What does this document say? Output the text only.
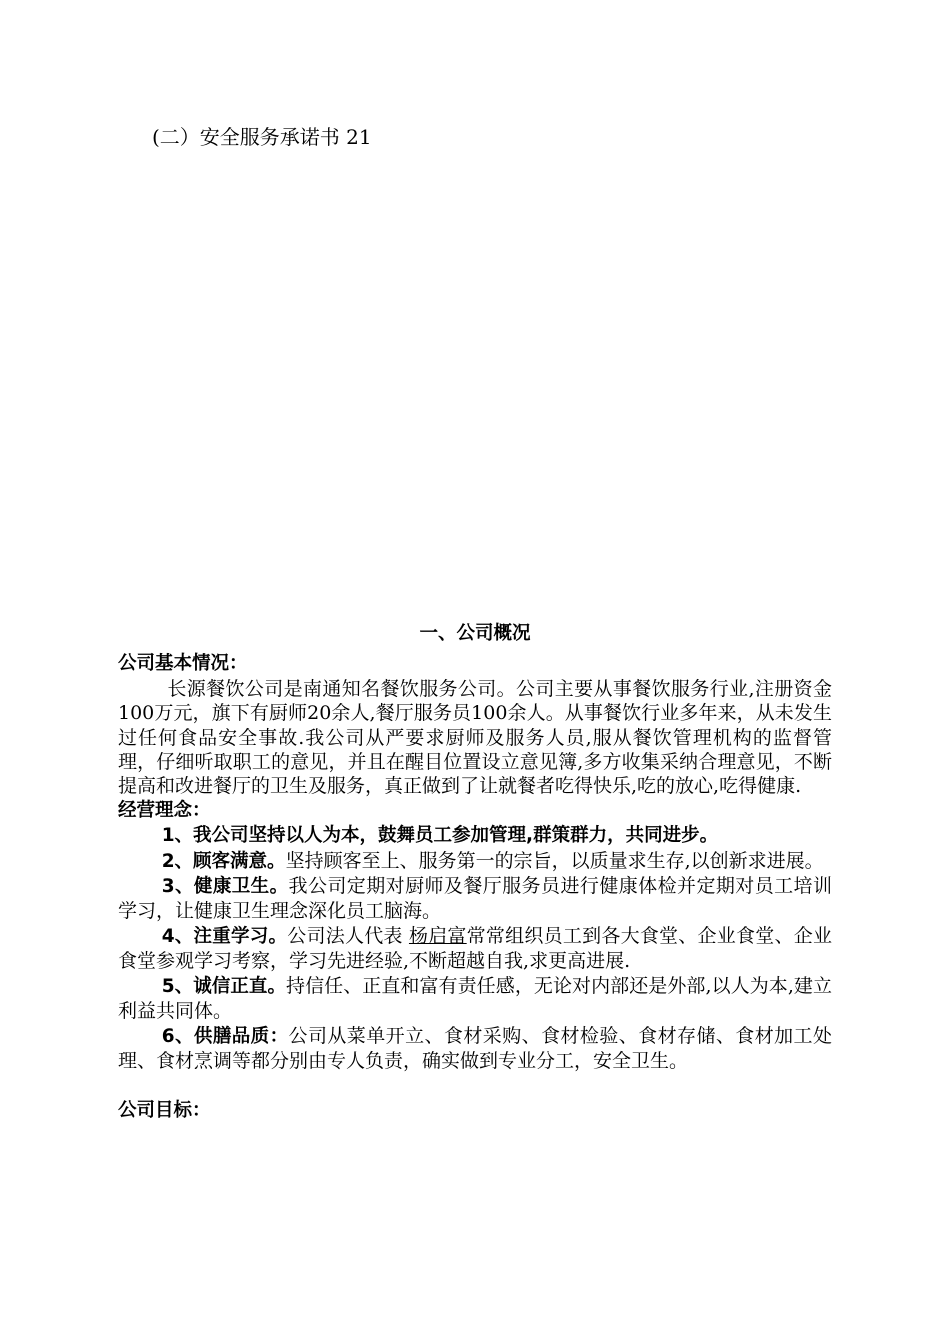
(二）安全服务承诺书 21
一、公司概况
公司基本情况：

长源餐饮公司是南通知名餐饮服务公司。公司主要从事餐饮服务行业,注册资金100万元，旗下有厨师20余人,餐厅服务员100余人。从事餐饮行业多年来，从未发生过任何食品安全事故.我公司从严要求厨师及服务人员,服从餐饮管理机构的监督管理，仔细听取职工的意见，并且在醒目位置设立意见簿,多方收集采纳合理意见，不断提高和改进餐厅的卫生及服务，真正做到了让就餐者吃得快乐,吃的放心,吃得健康.

经营理念：

1、我公司坚持以人为本，鼓舞员工参加管理,群策群力，共同进步。

2、顾客满意。坚持顾客至上、服务第一的宗旨，以质量求生存,以创新求进展。

3、健康卫生。我公司定期对厨师及餐厅服务员进行健康体检并定期对员工培训学习，让健康卫生理念深化员工脑海。

4、注重学习。公司法人代表 杨启富常常组织员工到各大食堂、企业食堂、企业食堂参观学习考察，学习先进经验,不断超越自我,求更高进展.

5、诚信正直。持信任、正直和富有责任感，无论对内部还是外部,以人为本,建立利益共同体。

6、供膳品质：公司从菜单开立、食材采购、食材检验、食材存储、食材加工处理、食材烹调等都分别由专人负责，确实做到专业分工，安全卫生。

公司目标：
